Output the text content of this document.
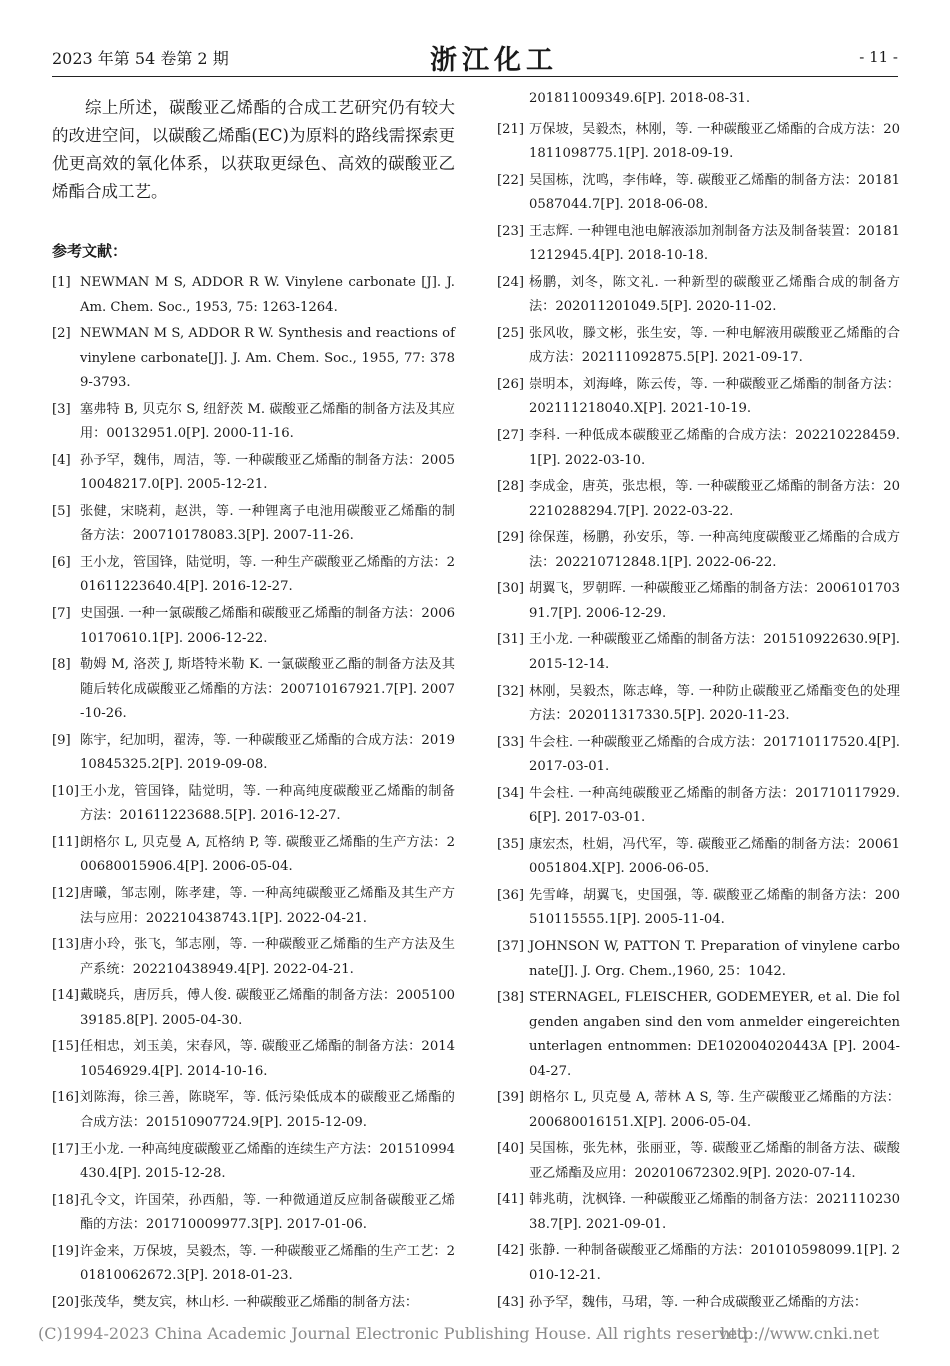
2023 年第 54 卷第 2 期	浙江化工	- 11 -

综上所述，碳酸亚乙烯酯的合成工艺研究仍有较大的改进空间，以碳酸乙烯酯(EC)为原料的路线需探索更优更高效的氧化体系，以获取更绿色、高效的碳酸亚乙烯酯合成工艺。

参考文献：
[1] NEWMAN M S, ADDOR R W. Vinylene carbonate [J]. J. Am. Chem. Soc., 1953, 75: 1263-1264.
[2] NEWMAN M S, ADDOR R W. Synthesis and reactions of vinylene carbonate[J]. J. Am. Chem. Soc., 1955, 77: 3789-3793.
[3] 塞弗特 B, 贝克尔 S, 纽舒茨 M. 碳酸亚乙烯酯的制备方法及其应用：00132951.0[P]. 2000-11-16.
[4] 孙予罕，魏伟，周洁，等. 一种碳酸亚乙烯酯的制备方法：200510048217.0[P]. 2005-12-21.
[5] 张健，宋晓莉，赵洪，等. 一种锂离子电池用碳酸亚乙烯酯的制备方法：200710178083.3[P]. 2007-11-26.
[6] 王小龙，管国锋，陆觉明，等. 一种生产碳酸亚乙烯酯的方法：201611223640.4[P]. 2016-12-27.
[7] 史国强. 一种一氯碳酸乙烯酯和碳酸亚乙烯酯的制备方法：200610170610.1[P]. 2006-12-22.
[8] 勒姆 M, 洛茨 J, 斯塔特米勒 K. 一氯碳酸亚乙酯的制备方法及其随后转化成碳酸亚乙烯酯的方法：200710167921.7[P]. 2007-10-26.
[9] 陈宇，纪加明，翟涛，等. 一种碳酸亚乙烯酯的合成方法：201910845325.2[P]. 2019-09-08.
[10] 王小龙，管国锋，陆觉明，等. 一种高纯度碳酸亚乙烯酯的制备方法：201611223688.5[P]. 2016-12-27.
[11] 朗格尔 L, 贝克曼 A, 瓦格纳 P, 等. 碳酸亚乙烯酯的生产方法：200680015906.4[P]. 2006-05-04.
[12] 唐曦，邹志刚，陈孝建，等. 一种高纯碳酸亚乙烯酯及其生产方法与应用：202210438743.1[P]. 2022-04-21.
[13] 唐小玲，张飞，邹志刚，等. 一种碳酸亚乙烯酯的生产方法及生产系统：202210438949.4[P]. 2022-04-21.
[14] 戴晓兵，唐厉兵，傅人俊. 碳酸亚乙烯酯的制备方法：200510039185.8[P]. 2005-04-30.
[15] 任相忠，刘玉美，宋春风，等. 碳酸亚乙烯酯的制备方法：201410546929.4[P]. 2014-10-16.
[16] 刘陈海，徐三善，陈晓军，等. 低污染低成本的碳酸亚乙烯酯的合成方法：201510907724.9[P]. 2015-12-09.
[17] 王小龙. 一种高纯度碳酸亚乙烯酯的连续生产方法：201510994430.4[P]. 2015-12-28.
[18] 孔令文，许国荣，孙西船，等. 一种微通道反应制备碳酸亚乙烯酯的方法：201710009977.3[P]. 2017-01-06.
[19] 许金来，万保坡，吴毅杰，等. 一种碳酸亚乙烯酯的生产工艺：201810062672.3[P]. 2018-01-23.
[20] 张茂华，樊友宾，林山杉. 一种碳酸亚乙烯酯的制备方法：
201811009349.6[P]. 2018-08-31.
[21] 万保坡，吴毅杰，林刚，等. 一种碳酸亚乙烯酯的合成方法：201811098775.1[P]. 2018-09-19.
[22] 吴国栋，沈鸣，李伟峰，等. 碳酸亚乙烯酯的制备方法：201810587044.7[P]. 2018-06-08.
[23] 王志辉. 一种锂电池电解液添加剂制备方法及制备装置：201811212945.4[P]. 2018-10-18.
[24] 杨鹏，刘冬，陈文礼. 一种新型的碳酸亚乙烯酯合成的制备方法：202011201049.5[P]. 2020-11-02.
[25] 张风收，滕文彬，张生安，等. 一种电解液用碳酸亚乙烯酯的合成方法：202111092875.5[P]. 2021-09-17.
[26] 崇明本，刘海峰，陈云传，等. 一种碳酸亚乙烯酯的制备方法：202111218040.X[P]. 2021-10-19.
[27] 李科. 一种低成本碳酸亚乙烯酯的合成方法：202210228459.1[P]. 2022-03-10.
[28] 李成金，唐英，张忠根，等. 一种碳酸亚乙烯酯的制备方法：202210288294.7[P]. 2022-03-22.
[29] 徐保莲，杨鹏，孙安乐，等. 一种高纯度碳酸亚乙烯酯的合成方法：202210712848.1[P]. 2022-06-22.
[30] 胡翼飞，罗朝晖. 一种碳酸亚乙烯酯的制备方法：200610170391.7[P]. 2006-12-29.
[31] 王小龙. 一种碳酸亚乙烯酯的制备方法：201510922630.9[P]. 2015-12-14.
[32] 林刚，吴毅杰，陈志峰，等. 一种防止碳酸亚乙烯酯变色的处理方法：202011317330.5[P]. 2020-11-23.
[33] 牛会柱. 一种碳酸亚乙烯酯的合成方法：201710117520.4[P]. 2017-03-01.
[34] 牛会柱. 一种高纯碳酸亚乙烯酯的制备方法：201710117929.6[P]. 2017-03-01.
[35] 康宏杰，杜娟，冯代军，等. 碳酸亚乙烯酯的制备方法：200610051804.X[P]. 2006-06-05.
[36] 先雪峰，胡翼飞，史国强，等. 碳酸亚乙烯酯的制备方法：200510115555.1[P]. 2005-11-04.
[37] JOHNSON W, PATTON T. Preparation of vinylene carbonate[J]. J. Org. Chem.,1960, 25：1042.
[38] STERNAGEL, FLEISCHER, GODEMEYER, et al. Die folgenden angaben sind den vom anmelder eingereichten unterlagen entnommen: DE102004020443A [P]. 2004-04-27.
[39] 朗格尔 L, 贝克曼 A, 蒂林 A S, 等. 生产碳酸亚乙烯酯的方法：200680016151.X[P]. 2006-05-04.
[40] 吴国栋，张先林，张丽亚，等. 碳酸亚乙烯酯的制备方法、碳酸亚乙烯酯及应用：202010672302.9[P]. 2020-07-14.
[41] 韩兆萌，沈枫锋. 一种碳酸亚乙烯酯的制备方法：202111023038.7[P]. 2021-09-01.
[42] 张静. 一种制备碳酸亚乙烯酯的方法：201010598099.1[P]. 2010-12-21.
[43] 孙予罕，魏伟，马珺，等. 一种合成碳酸亚乙烯酯的方法：
(C)1994-2023 China Academic Journal Electronic Publishing House. All rights reserved.
http://www.cnki.net
